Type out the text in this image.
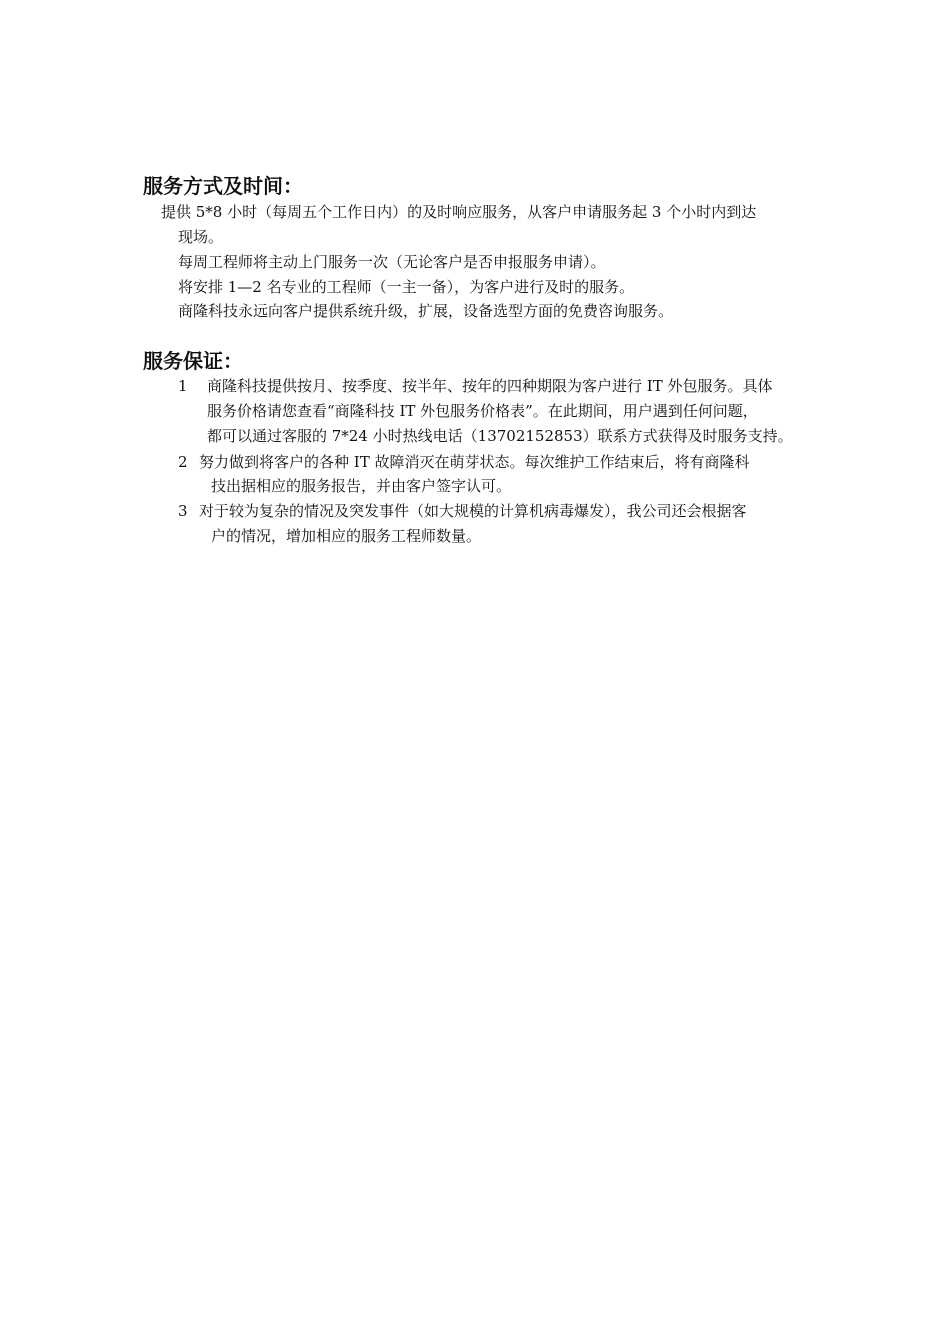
服务方式及时间：

提供 5*8 小时（每周五个工作日内）的及时响应服务，从客户申请服务起 3 个小时内到达

现场。

每周工程师将主动上门服务一次（无论客户是否申报服务申请）。

将安排 1—2 名专业的工程师（一主一备），为客户进行及时的服务。

商隆科技永远向客户提供系统升级，扩展，设备选型方面的免费咨询服务。

服务保证：
1 商隆科技提供按月、按季度、按半年、按年的四种期限为客户进行 IT 外包服务。具体

服务价格请您查看“商隆科技 IT 外包服务价格表”。在此期间，用户遇到任何问题，

都可以通过客服的 7*24 小时热线电话（13702152853）联系方式获得及时服务支持。

2 努力做到将客户的各种 IT 故障消灭在萌芽状态。每次维护工作结束后，将有商隆科

技出据相应的服务报告，并由客户签字认可。

3 对于较为复杂的情况及突发事件（如大规模的计算机病毒爆发），我公司还会根据客

户的情况，增加相应的服务工程师数量。
